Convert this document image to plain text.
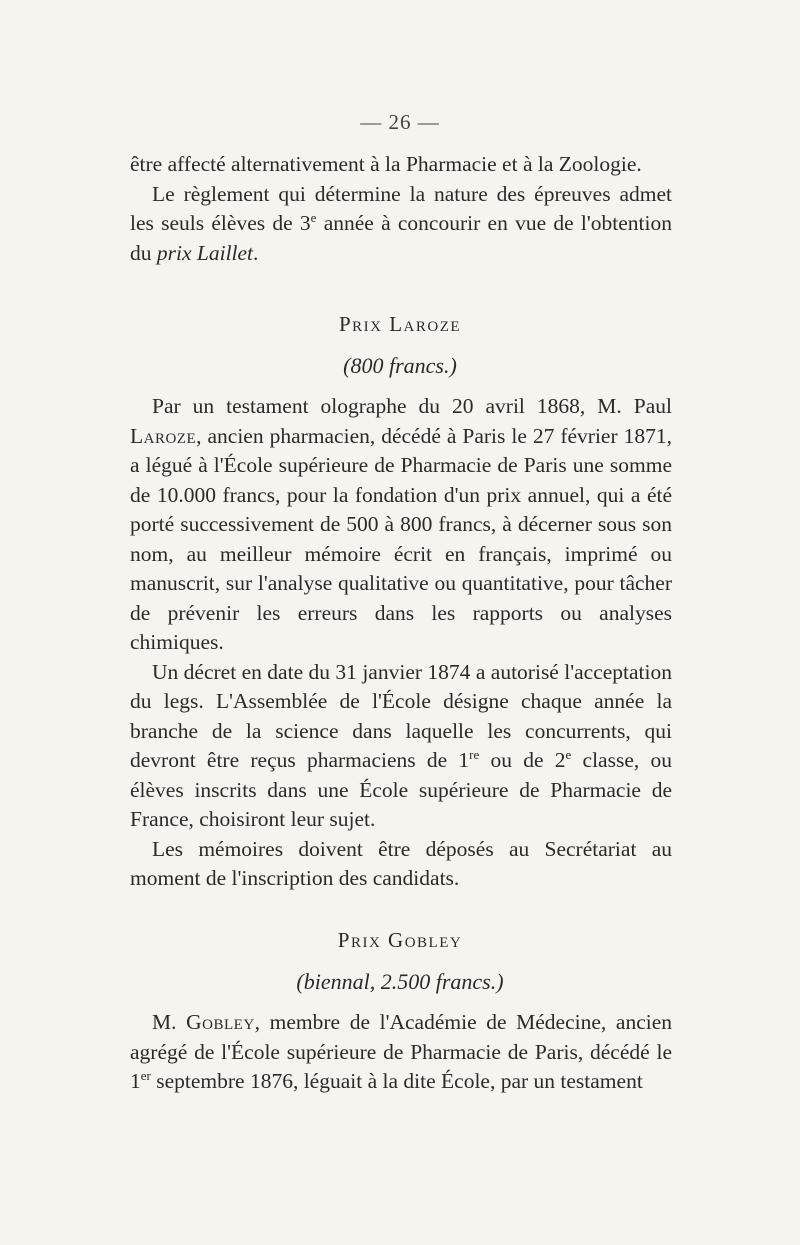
— 26 —

être affecté alternativement à la Pharmacie et à la Zoologie.

Le règlement qui détermine la nature des épreuves admet les seuls élèves de 3e année à concourir en vue de l'obtention du prix Laillet.

Prix Laroze
(800 francs.)

Par un testament olographe du 20 avril 1868, M. Paul Laroze, ancien pharmacien, décédé à Paris le 27 février 1871, a légué à l'École supérieure de Pharmacie de Paris une somme de 10.000 francs, pour la fondation d'un prix annuel, qui a été porté successivement de 500 à 800 francs, à décerner sous son nom, au meilleur mémoire écrit en français, imprimé ou manuscrit, sur l'analyse qualitative ou quantitative, pour tâcher de prévenir les erreurs dans les rapports ou analyses chimiques.

Un décret en date du 31 janvier 1874 a autorisé l'acceptation du legs. L'Assemblée de l'École désigne chaque année la branche de la science dans laquelle les concurrents, qui devront être reçus pharmaciens de 1re ou de 2e classe, ou élèves inscrits dans une École supérieure de Pharmacie de France, choisiront leur sujet.

Les mémoires doivent être déposés au Secrétariat au moment de l'inscription des candidats.

Prix Gobley
(biennal, 2.500 francs.)

M. Gobley, membre de l'Académie de Médecine, ancien agrégé de l'École supérieure de Pharmacie de Paris, décédé le 1er septembre 1876, léguait à la dite École, par un testament
